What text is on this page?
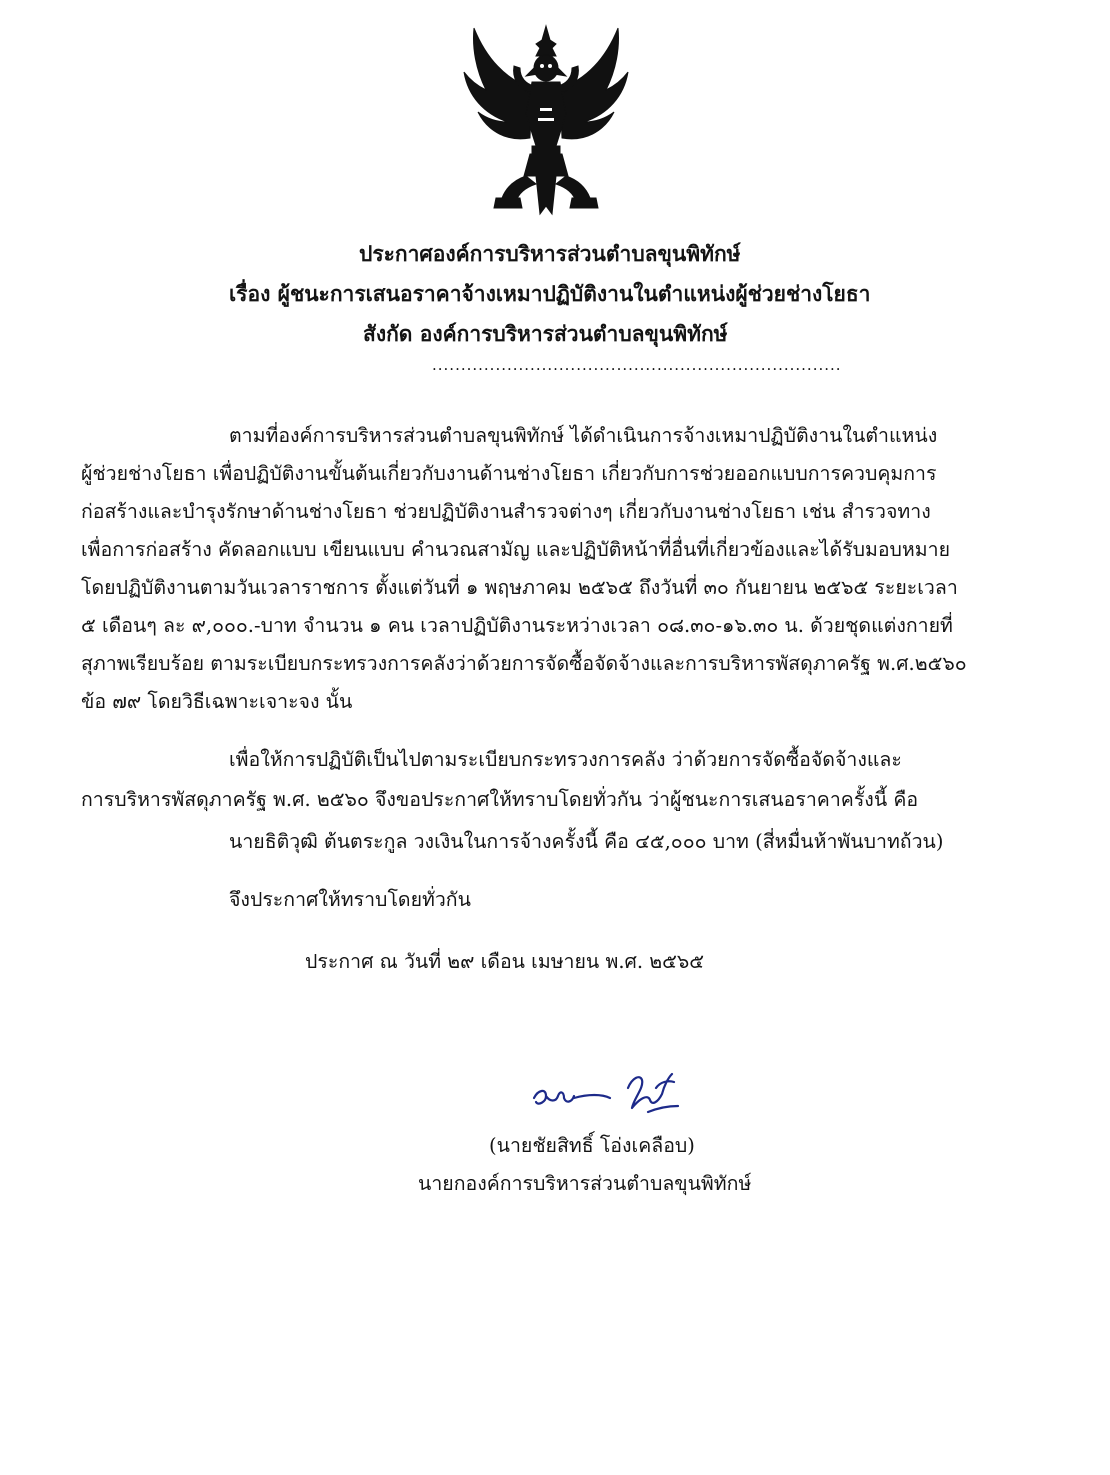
ประกาศองค์การบริหารส่วนตำบลขุนพิทักษ์
เรื่อง ผู้ชนะการเสนอราคาจ้างเหมาปฏิบัติงานในตำแหน่งผู้ช่วยช่างโยธา
สังกัด องค์การบริหารส่วนตำบลขุนพิทักษ์
.......................................................................
ตามที่องค์การบริหารส่วนตำบลขุนพิทักษ์ ได้ดำเนินการจ้างเหมาปฏิบัติงานในตำแหน่ง
ผู้ช่วยช่างโยธา เพื่อปฏิบัติงานขั้นต้นเกี่ยวกับงานด้านช่างโยธา เกี่ยวกับการช่วยออกแบบการควบคุมการ
ก่อสร้างและบำรุงรักษาด้านช่างโยธา ช่วยปฏิบัติงานสำรวจต่างๆ เกี่ยวกับงานช่างโยธา เช่น สำรวจทาง
เพื่อการก่อสร้าง คัดลอกแบบ เขียนแบบ คำนวณสามัญ และปฏิบัติหน้าที่อื่นที่เกี่ยวข้องและได้รับมอบหมาย
โดยปฏิบัติงานตามวันเวลาราชการ ตั้งแต่วันที่ ๑ พฤษภาคม ๒๕๖๕ ถึงวันที่ ๓๐ กันยายน ๒๕๖๕ ระยะเวลา
๕ เดือนๆ ละ ๙,๐๐๐.-บาท จำนวน ๑ คน เวลาปฏิบัติงานระหว่างเวลา ๐๘.๓๐-๑๖.๓๐ น. ด้วยชุดแต่งกายที่
สุภาพเรียบร้อย ตามระเบียบกระทรวงการคลังว่าด้วยการจัดซื้อจัดจ้างและการบริหารพัสดุภาครัฐ พ.ศ.๒๕๖๐
ข้อ ๗๙ โดยวิธีเฉพาะเจาะจง นั้น
เพื่อให้การปฏิบัติเป็นไปตามระเบียบกระทรวงการคลัง ว่าด้วยการจัดซื้อจัดจ้างและ
การบริหารพัสดุภาครัฐ พ.ศ. ๒๕๖๐ จึงขอประกาศให้ทราบโดยทั่วกัน ว่าผู้ชนะการเสนอราคาครั้งนี้ คือ
นายธิติวุฒิ ต้นตระกูล วงเงินในการจ้างครั้งนี้ คือ ๔๕,๐๐๐ บาท (สี่หมื่นห้าพันบาทถ้วน)
จึงประกาศให้ทราบโดยทั่วกัน
ประกาศ ณ วันที่ ๒๙ เดือน เมษายน พ.ศ. ๒๕๖๕
(นายชัยสิทธิ์ โอ่งเคลือบ)
นายกองค์การบริหารส่วนตำบลขุนพิทักษ์
